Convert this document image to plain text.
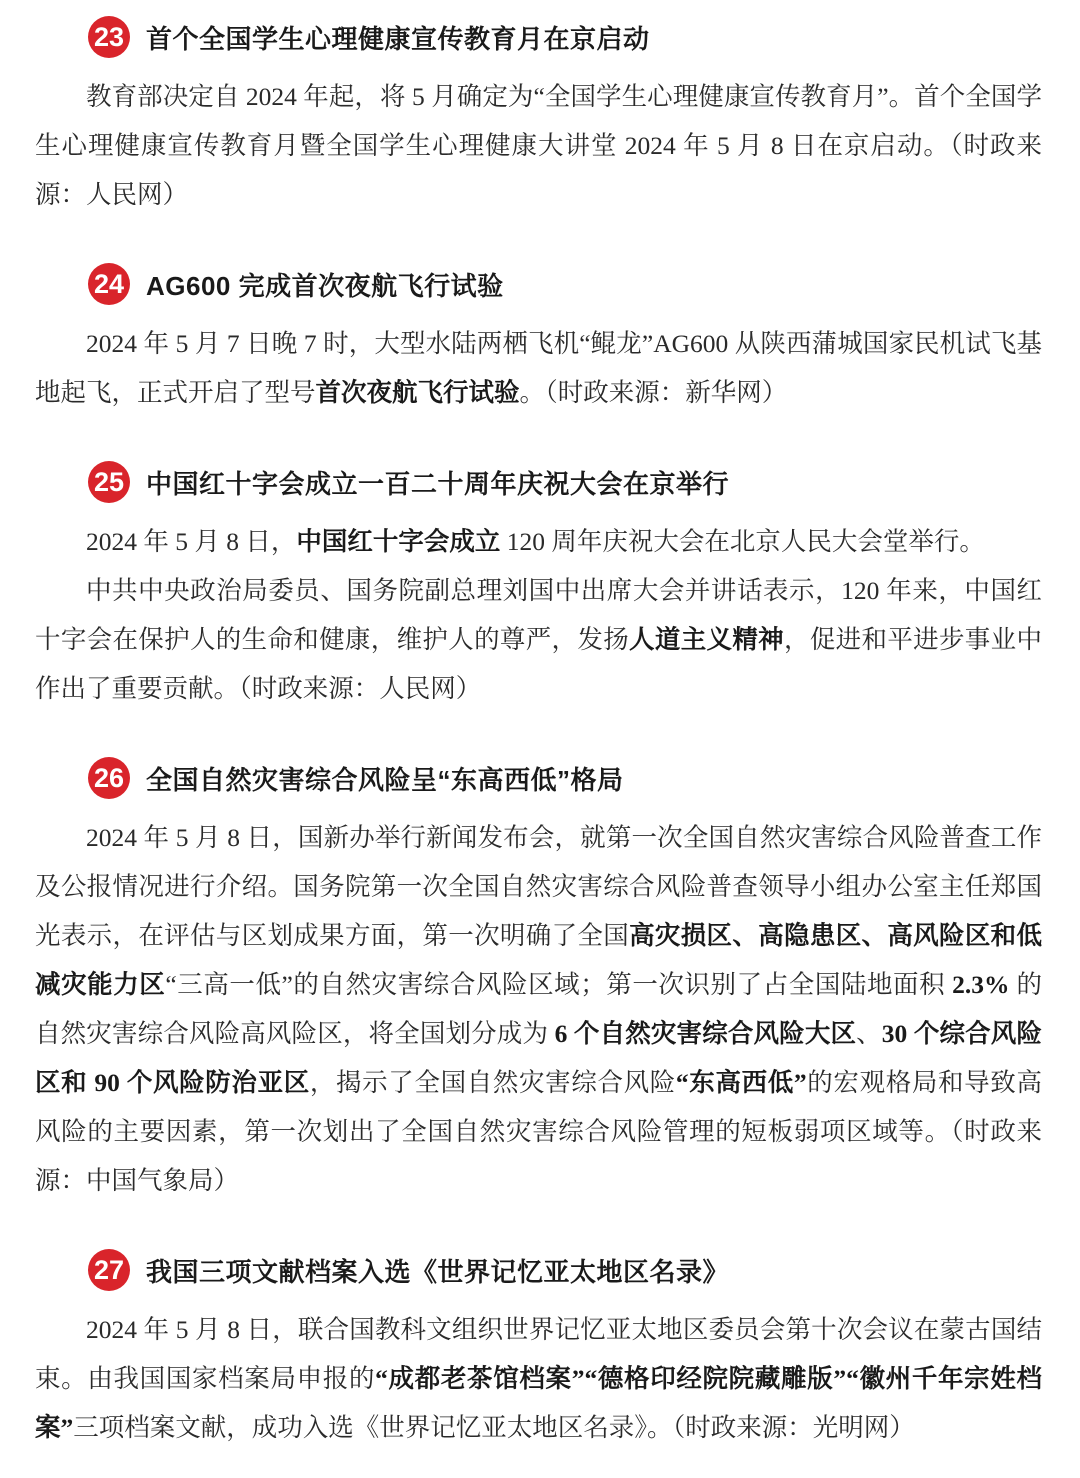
23 首个全国学生心理健康宣传教育月在京启动

教育部决定自 2024 年起，将 5 月确定为“全国学生心理健康宣传教育月”。首个全国学生心理健康宣传教育月暨全国学生心理健康大讲堂 2024 年 5 月 8 日在京启动。（时政来源：人民网）

24 AG600 完成首次夜航飞行试验

2024 年 5 月 7 日晚 7 时，大型水陆两栖飞机“鲲龙”AG600 从陕西蒲城国家民机试飞基地起飞，正式开启了型号首次夜航飞行试验。（时政来源：新华网）

25 中国红十字会成立一百二十周年庆祝大会在京举行

2024 年 5 月 8 日，中国红十字会成立 120 周年庆祝大会在北京人民大会堂举行。

中共中央政治局委员、国务院副总理刘国中出席大会并讲话表示，120 年来，中国红十字会在保护人的生命和健康，维护人的尊严，发扬人道主义精神，促进和平进步事业中作出了重要贡献。（时政来源：人民网）

26 全国自然灾害综合风险呈“东高西低”格局

2024 年 5 月 8 日，国新办举行新闻发布会，就第一次全国自然灾害综合风险普查工作及公报情况进行介绍。国务院第一次全国自然灾害综合风险普查领导小组办公室主任郑国光表示，在评估与区划成果方面，第一次明确了全国高灾损区、高隐患区、高风险区和低减灾能力区“三高一低”的自然灾害综合风险区域；第一次识别了占全国陆地面积 2.3% 的自然灾害综合风险高风险区，将全国划分成为 6 个自然灾害综合风险大区、30 个综合风险区和 90 个风险防治亚区，揭示了全国自然灾害综合风险“东高西低”的宏观格局和导致高风险的主要因素，第一次划出了全国自然灾害综合风险管理的短板弱项区域等。（时政来源：中国气象局）

27 我国三项文献档案入选《世界记忆亚太地区名录》

2024 年 5 月 8 日，联合国教科文组织世界记忆亚太地区委员会第十次会议在蒙古国结束。由我国国家档案局申报的“成都老茶馆档案”“德格印经院院藏雕版”“徽州千年宗姓档案”三项档案文献，成功入选《世界记忆亚太地区名录》。（时政来源：光明网）
